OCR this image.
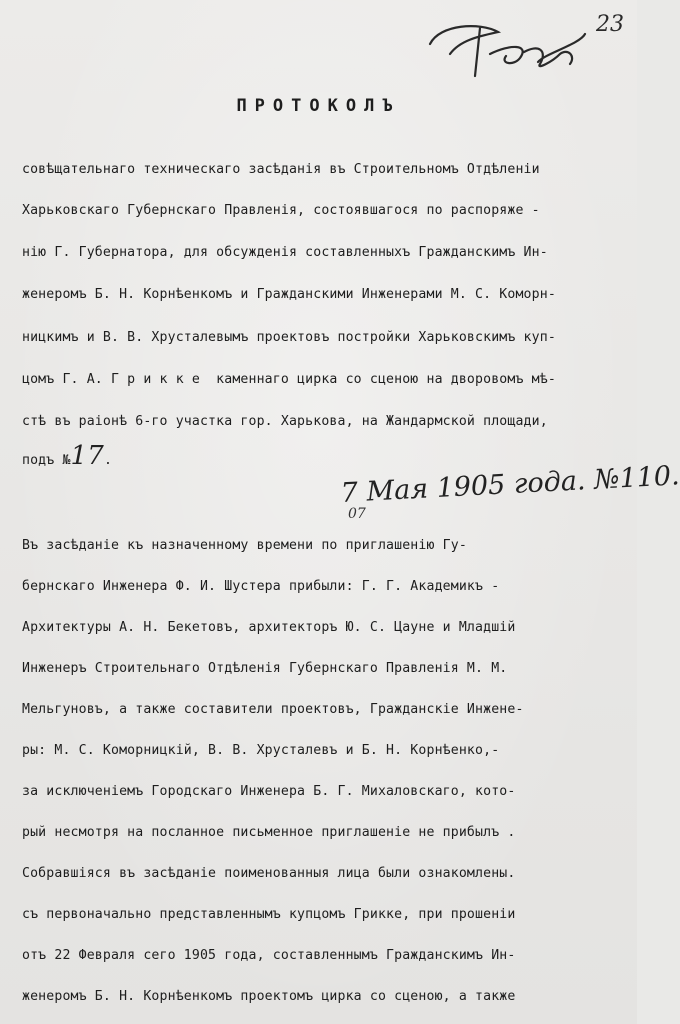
23
ПРОТОКОЛЪ
совѣщательнаго техническаго засѣданія въ Строительномъ Отдѣленіи
Харьковскаго Губернскаго Правленія, состоявшагося по распоряже -
нію Г. Губернатора, для обсужденія составленныхъ Гражданскимъ Ин-
женеромъ Б. Н. Корнѣенкомъ и Гражданскими Инженерами М. С. Коморн-
ницкимъ и В. В. Хрусталевымъ проектовъ постройки Харьковскимъ куп-
цомъ Г. А. Г р и к к е  каменнаго цирка со сценою на дворовомъ мѣ-
стѣ въ раіонѣ 6-го участка гор. Харькова, на Жандармской площади,
подъ №17.	7 Мая 1905 года. №110.
07
Въ засѣданіе къ назначенному времени по приглашенію Гу-
бернскаго Инженера Ф. И. Шустера прибыли: Г. Г. Академикъ -
Архитектуры А. Н. Бекетовъ, архитекторъ Ю. С. Цауне и Младшій
Инженеръ Строительнаго Отдѣленія Губернскаго Правленія М. М.
Мельгуновъ, а также составители проектовъ, Гражданскіе Инжене-
ры: М. С. Коморницкій, В. В. Хрусталевъ и Б. Н. Корнѣенко,-
за исключеніемъ Городскаго Инженера Б. Г. Михаловскаго, кото-
рый несмотря на посланное письменное приглашеніе не прибылъ .
Собравшіяся въ засѣданіе поименованныя лица были ознакомлены.
съ первоначально представленнымъ купцомъ Грикке, при прошеніи
отъ 22 Февраля сего 1905 года, составленнымъ Гражданскимъ Ин-
женеромъ Б. Н. Корнѣенкомъ проектомъ цирка со сценою, а также
